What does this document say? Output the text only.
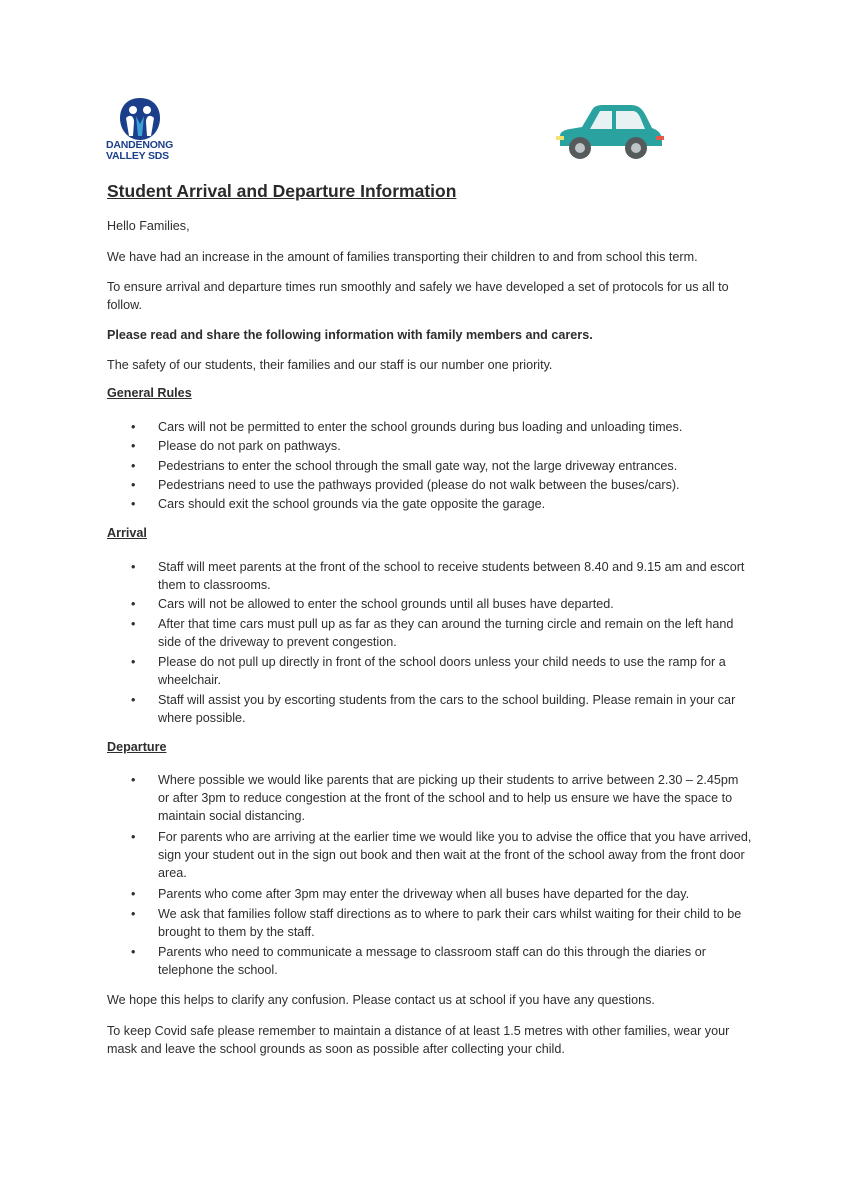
DANDENONG
VALLEY SDS
Student Arrival and Departure Information

Hello Families,

We have had an increase in the amount of families transporting their children to and from school this term.

To ensure arrival and departure times run smoothly and safely we have developed a set of protocols for us all to follow.

Please read and share the following information with family members and carers.

The safety of our students, their families and our staff is our number one priority.

General Rules
•
Cars will not be permitted to enter the school grounds during bus loading and unloading times.
•
Please do not park on pathways.
•
Pedestrians to enter the school through the small gate way, not the large driveway entrances.
•
Pedestrians need to use the pathways provided (please do not walk between the buses/cars).
•
Cars should exit the school grounds via the gate opposite the garage.
Arrival
•
Staff will meet parents at the front of the school to receive students between 8.40 and 9.15 am and escort them to classrooms.
•
Cars will not be allowed to enter the school grounds until all buses have departed.
•
After that time cars must pull up as far as they can around the turning circle and remain on the left hand side of the driveway to prevent congestion.
•
Please do not pull up directly in front of the school doors unless your child needs to use the ramp for a wheelchair.
•
Staff will assist you by escorting students from the cars to the school building. Please remain in your car where possible.
Departure
•
Where possible we would like parents that are picking up their students to arrive between 2.30 – 2.45pm or after 3pm to reduce congestion at the front of the school and to help us ensure we have the space to maintain social distancing.
•
For parents who are arriving at the earlier time we would like you to advise the office that you have arrived, sign your student out in the sign out book and then wait at the front of the school away from the front door area.
•
Parents who come after 3pm may enter the driveway when all buses have departed for the day.
•
We ask that families follow staff directions as to where to park their cars whilst waiting for their child to be brought to them by the staff.
•
Parents who need to communicate a message to classroom staff can do this through the diaries or telephone the school.

We hope this helps to clarify any confusion. Please contact us at school if you have any questions.

To keep Covid safe please remember to maintain a distance of at least 1.5 metres with other families, wear your mask and leave the school grounds as soon as possible after collecting your child.
